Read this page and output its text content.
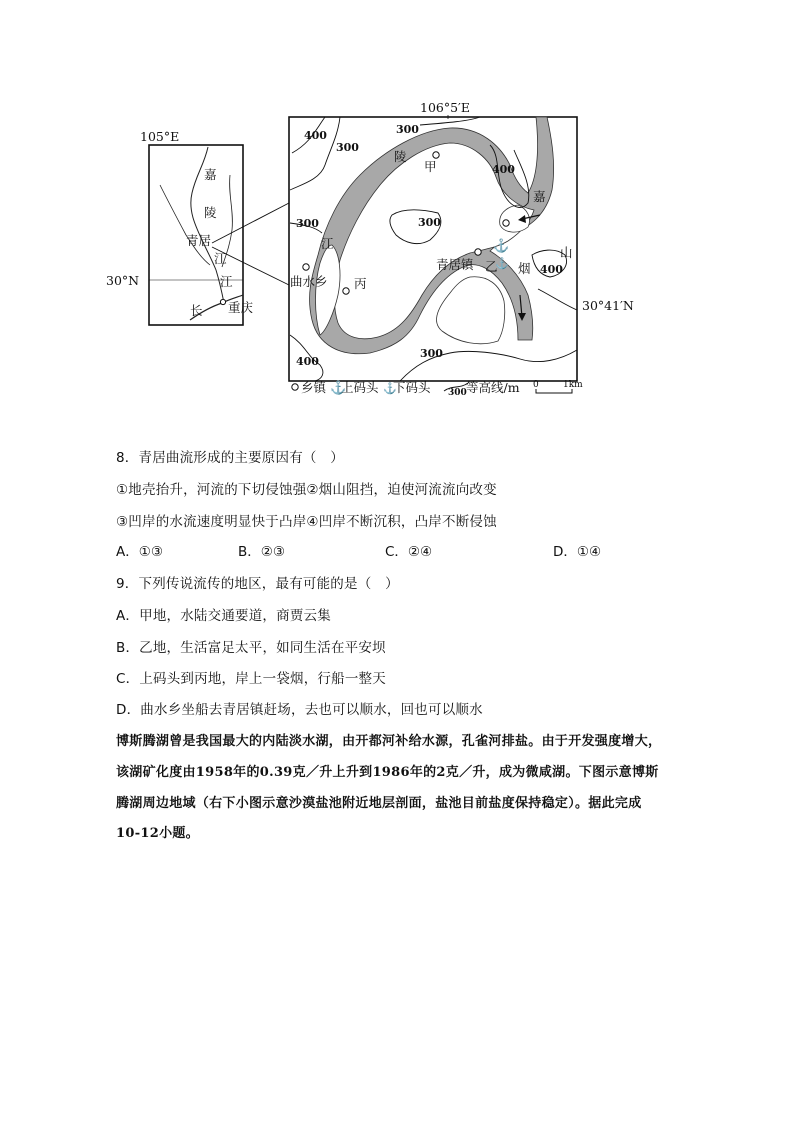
105°E
30°N
嘉
陵
青居
江
江
长 重庆
106°5′E
30°41′N
400	300
300
400
300	300
400
300
400
陵
甲
嘉
江
山
烟
曲水乡 丙
青居镇 乙
⚓
⚓
乡镇 ⚓
上码头 ⚓
下码头 300 等高线/m 0	1km
8．青居曲流形成的主要原因有（　）
①地壳抬升，河流的下切侵蚀强②烟山阻挡，迫使河流流向改变
③凹岸的水流速度明显快于凸岸④凹岸不断沉积，凸岸不断侵蚀
A．①③	B．②③	C．②④	D．①④
9．下列传说流传的地区，最有可能的是（　）
A．甲地，水陆交通要道，商贾云集
B．乙地，生活富足太平，如同生活在平安坝
C．上码头到丙地，岸上一袋烟，行船一整天
D．曲水乡坐船去青居镇赶场，去也可以顺水，回也可以顺水
博斯腾湖曾是我国最大的内陆淡水湖，由开都河补给水源，孔雀河排盐。由于开发强度增大，
该湖矿化度由1958年的0.39克／升上升到1986年的2克／升，成为微咸湖。下图示意博斯
腾湖周边地域（右下小图示意沙漠盐池附近地层剖面，盐池目前盐度保持稳定）。据此完成
10-12小题。
